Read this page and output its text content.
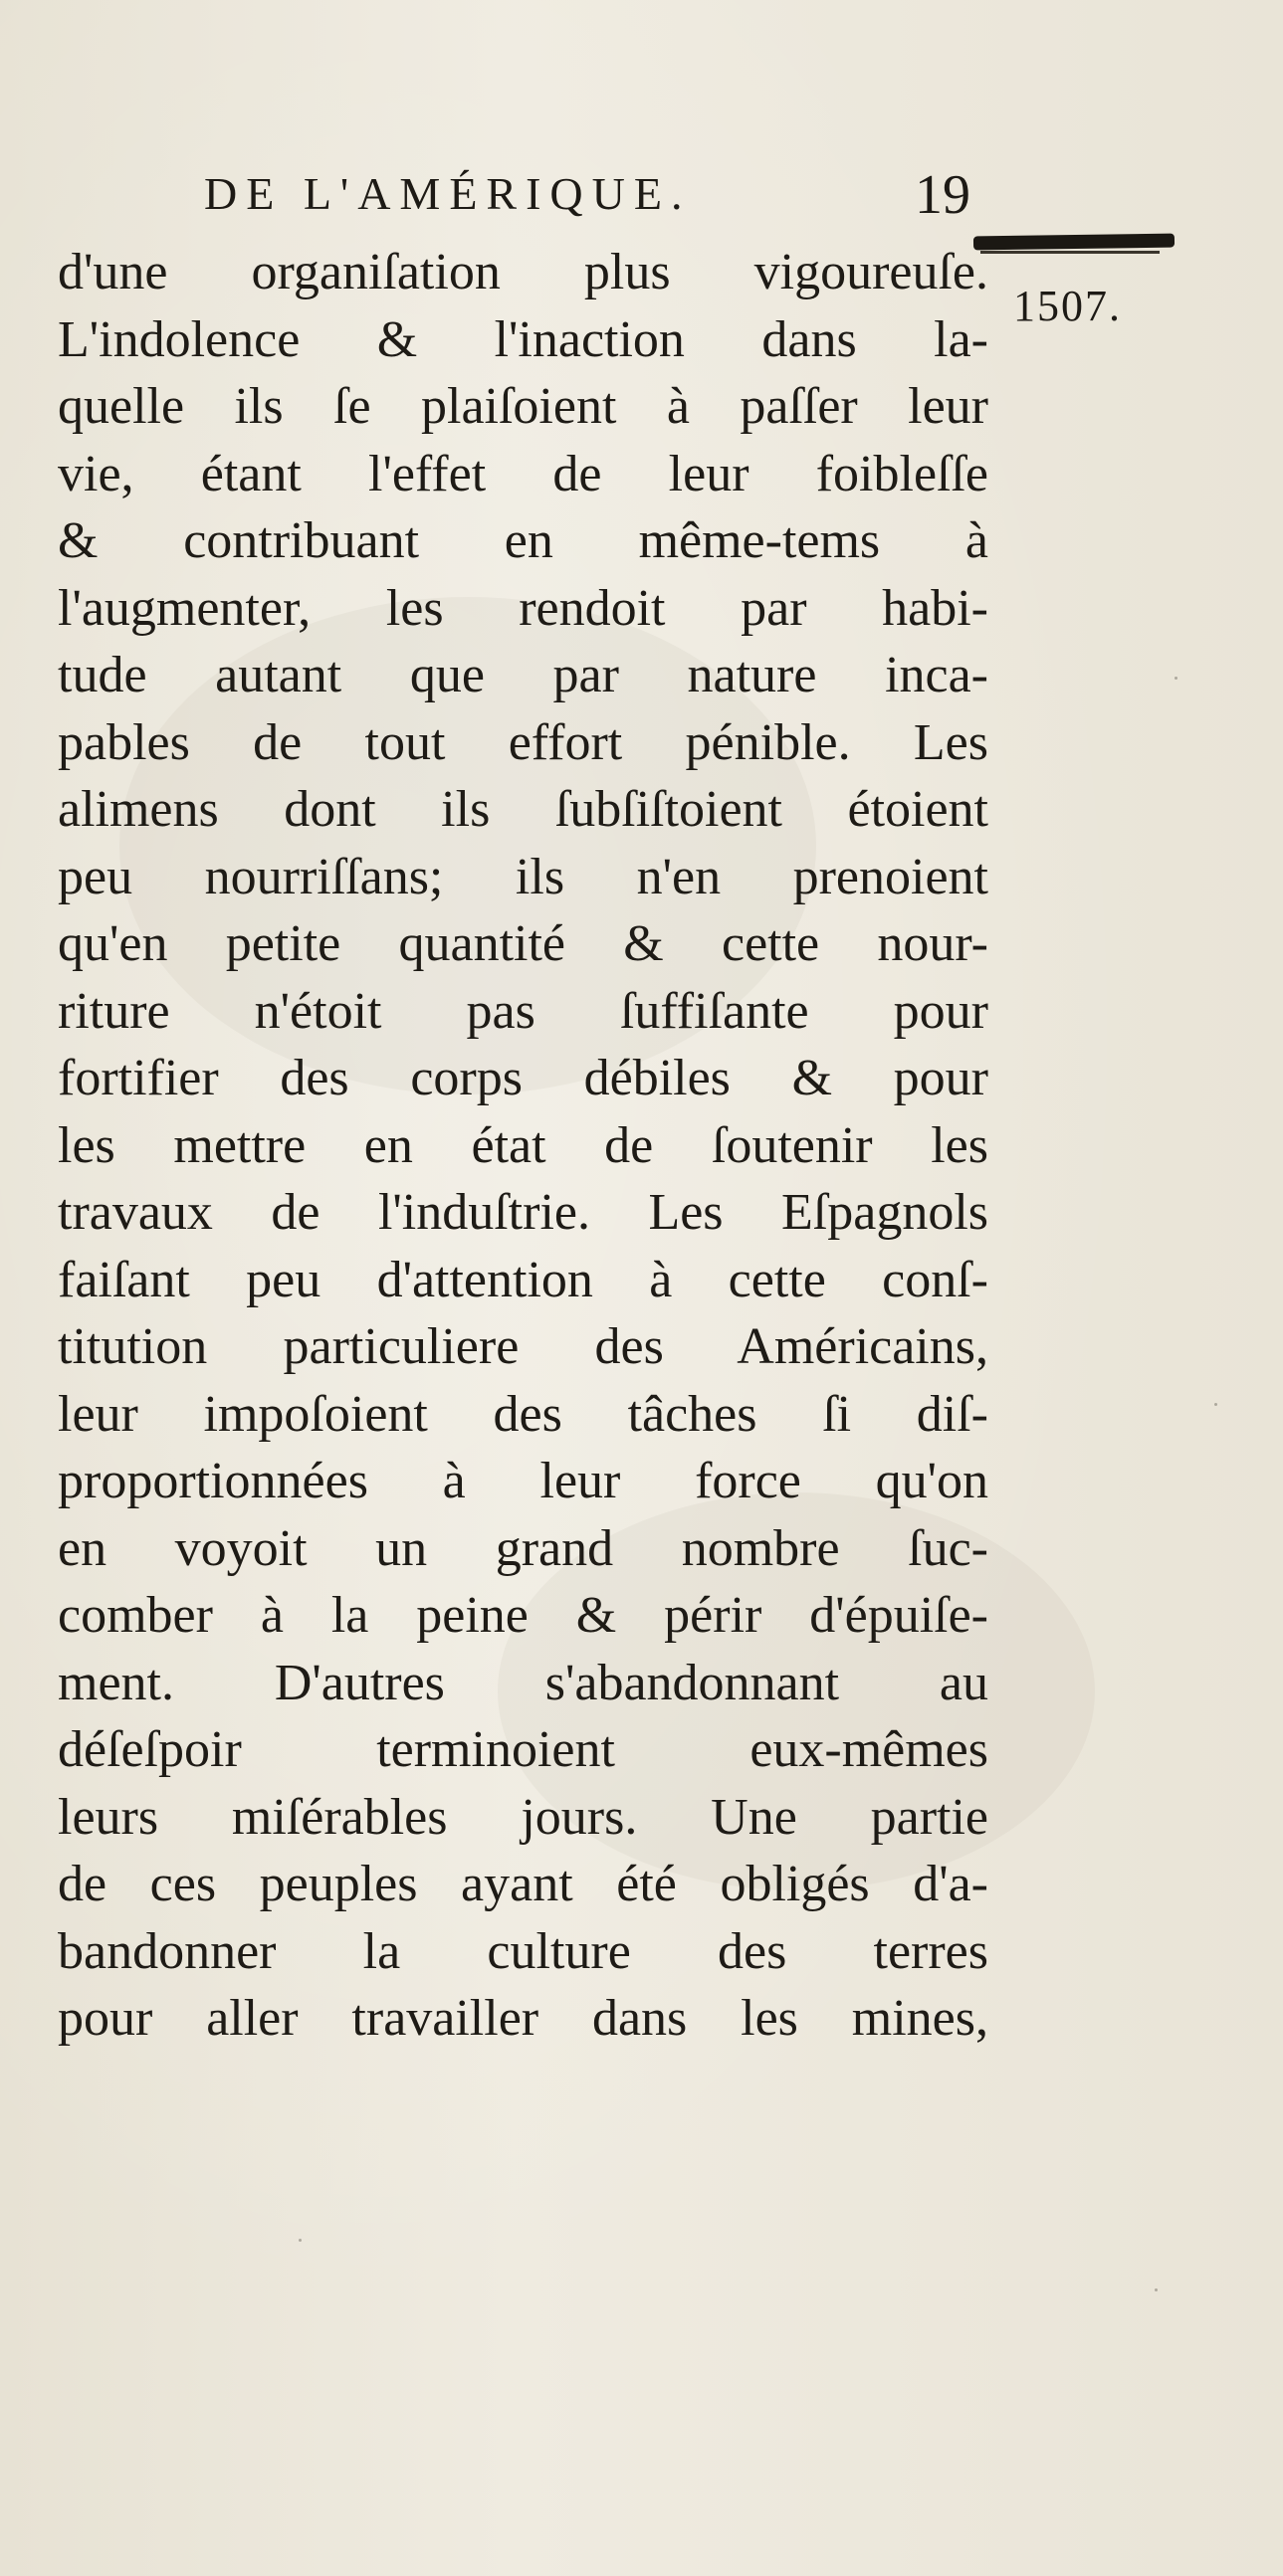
DE L'AMÉRIQUE.	19
1507.
d'une organiſation plus vigoureuſe.
L'indolence & l'inaction dans la-
quelle ils ſe plaiſoient à paſſer leur
vie, étant l'effet de leur foibleſſe
& contribuant en même-tems à
l'augmenter, les rendoit par habi-
tude autant que par nature inca-
pables de tout effort pénible. Les
alimens dont ils ſubſiſtoient étoient
peu nourriſſans; ils n'en prenoient
qu'en petite quantité & cette nour-
riture n'étoit pas ſuffiſante pour
fortifier des corps débiles & pour
les mettre en état de ſoutenir les
travaux de l'induſtrie. Les Eſpagnols
faiſant peu d'attention à cette conſ-
titution particuliere des Américains,
leur impoſoient des tâches ſi diſ-
proportionnées à leur force qu'on
en voyoit un grand nombre ſuc-
comber à la peine & périr d'épuiſe-
ment. D'autres s'abandonnant au
déſeſpoir terminoient eux-mêmes
leurs miſérables jours. Une partie
de ces peuples ayant été obligés d'a-
bandonner la culture des terres
pour aller travailler dans les mines,
